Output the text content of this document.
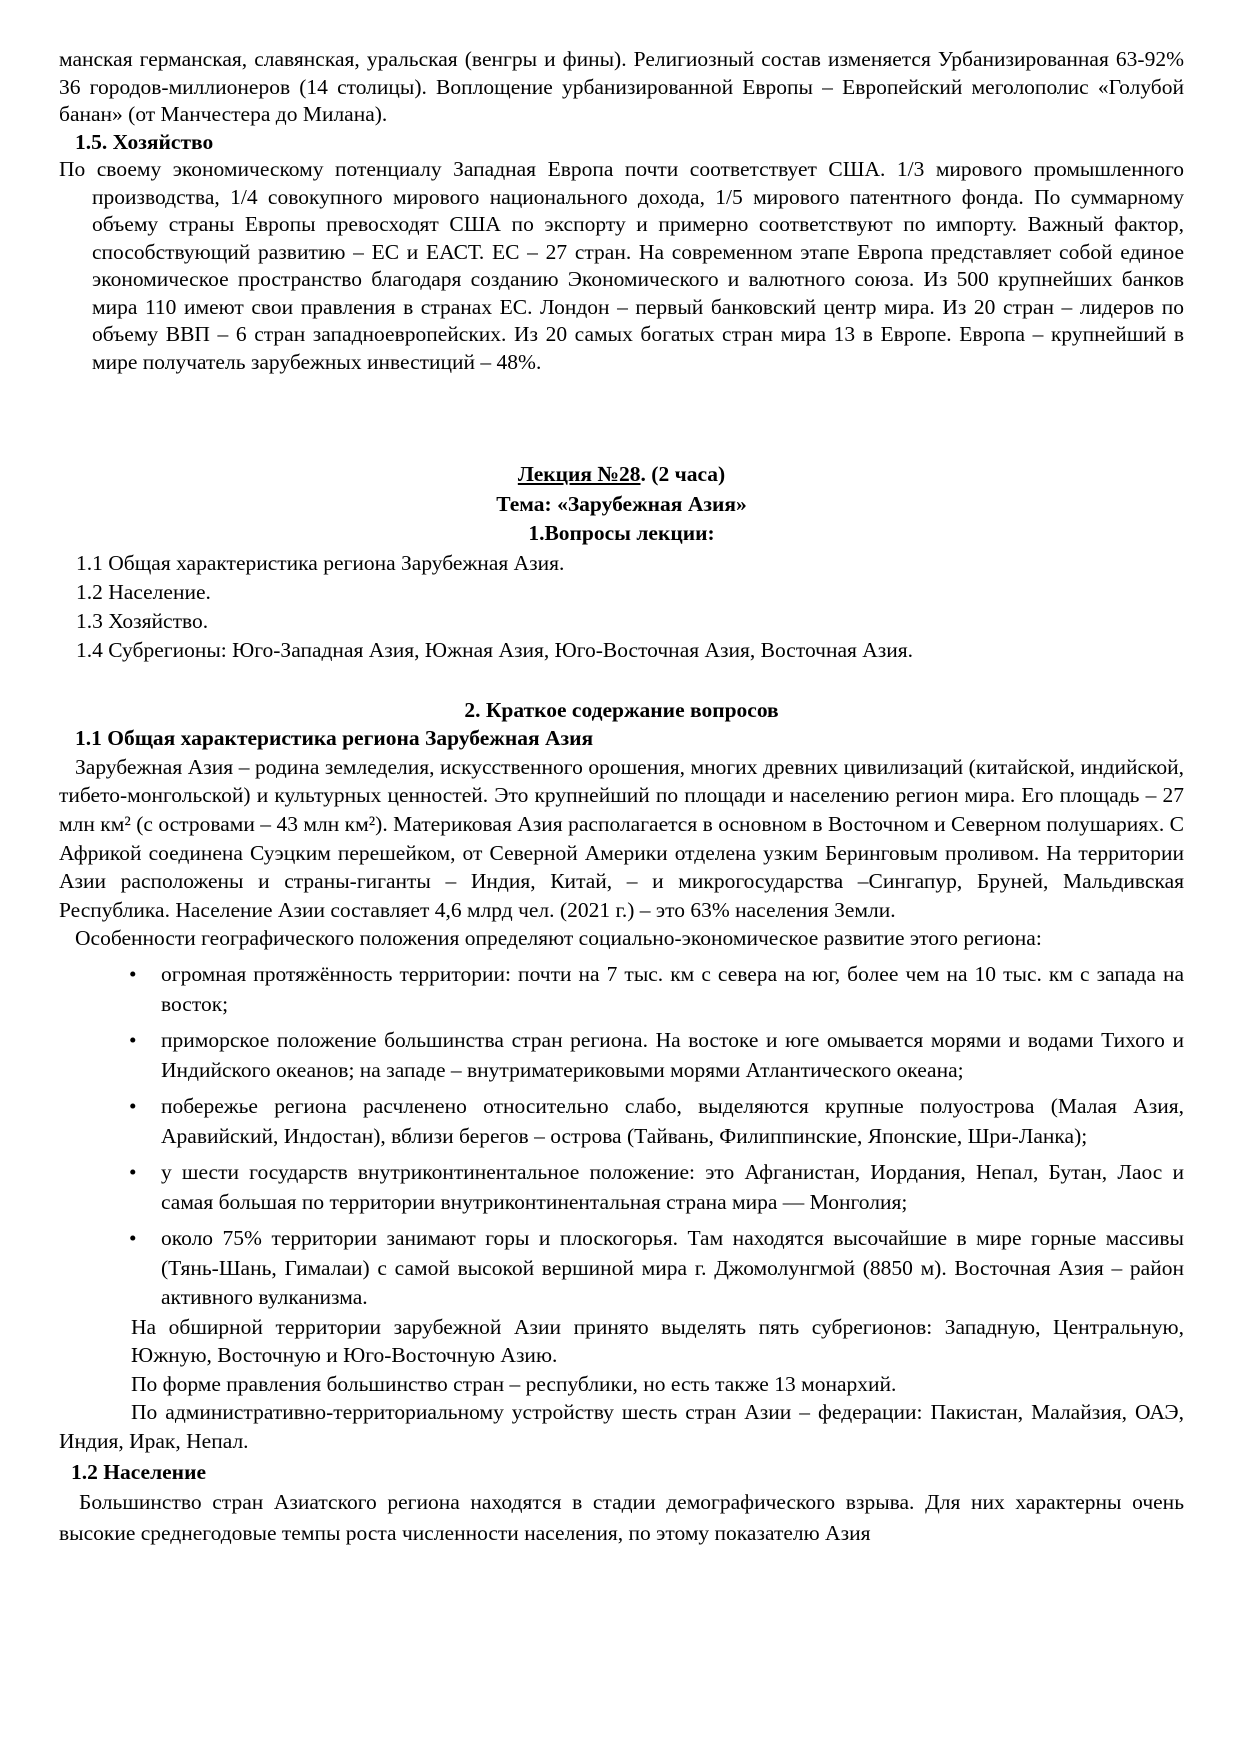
манская германская, славянская, уральская (венгры и фины). Религиозный состав изменяется Урбанизированная 63-92% 36 городов-миллионеров (14 столицы). Воплощение урбанизированной Европы – Европейский меголополис «Голубой банан» (от Манчестера до Милана).

1.5. Хозяйство

По своему экономическому потенциалу Западная Европа почти соответствует США. 1/3 мирового промышленного производства, 1/4 совокупного мирового национального дохода, 1/5 мирового патентного фонда. По суммарному объему страны Европы превосходят США по экспорту и примерно соответствуют по импорту. Важный фактор, способствующий развитию – ЕС и ЕАСТ. ЕС – 27 стран. На современном этапе Европа представляет собой единое экономическое пространство благодаря созданию Экономического и валютного союза. Из 500 крупнейших банков мира 110 имеют свои правления в странах ЕС. Лондон – первый банковский центр мира. Из 20 стран – лидеров по объему ВВП – 6 стран западноевропейских. Из 20 самых богатых стран мира 13 в Европе. Европа – крупнейший в мире получатель зарубежных инвестиций – 48%.

Лекция №28. (2 часа)
Тема: «Зарубежная Азия»
1.Вопросы лекции:
1.1 Общая характеристика региона Зарубежная Азия.
1.2 Население.
1.3 Хозяйство.
1.4 Субрегионы: Юго-Западная Азия, Южная Азия, Юго-Восточная Азия, Восточная Азия.
2. Краткое содержание вопросов
1.1 Общая характеристика региона Зарубежная Азия

Зарубежная Азия – родина земледелия, искусственного орошения, многих древних цивилизаций (китайской, индийской, тибето-монгольской) и культурных ценностей. Это крупнейший по площади и населению регион мира. Его площадь – 27 млн км² (с островами – 43 млн км²). Материковая Азия располагается в основном в Восточном и Северном полушариях. С Африкой соединена Суэцким перешейком, от Северной Америки отделена узким Беринговым проливом. На территории Азии расположены и страны-гиганты – Индия, Китай, – и микрогосударства –Сингапур, Бруней, Мальдивская Республика. Население Азии составляет 4,6 млрд чел. (2021 г.) – это 63% населения Земли.

Особенности географического положения определяют социально-экономическое развитие этого региона:

• огромная протяжённость территории: почти на 7 тыс. км с севера на юг, более чем на 10 тыс. км с запада на восток;
• приморское положение большинства стран региона. На востоке и юге омывается морями и водами Тихого и Индийского океанов; на западе – внутриматериковыми морями Атлантического океана;
• побережье региона расчленено относительно слабо, выделяются крупные полуострова (Малая Азия, Аравийский, Индостан), вблизи берегов – острова (Тайвань, Филиппинские, Японские, Шри-Ланка);
• у шести государств внутриконтинентальное положение: это Афганистан, Иордания, Непал, Бутан, Лаос и самая большая по территории внутриконтинентальная страна мира — Монголия;
• около 75% территории занимают горы и плоскогорья. Там находятся высочайшие в мире горные массивы (Тянь-Шань, Гималаи) с самой высокой вершиной мира г. Джомолунгмой (8850 м). Восточная Азия – район активного вулканизма.

На обширной территории зарубежной Азии принято выделять пять субрегионов: Западную, Центральную, Южную, Восточную и Юго-Восточную Азию.

По форме правления большинство стран – республики, но есть также 13 монархий.

По административно-территориальному устройству шесть стран Азии – федерации: Пакистан, Малайзия, ОАЭ, Индия, Ирак, Непал.

1.2 Население

Большинство стран Азиатского региона находятся в стадии демографического взрыва. Для них характерны очень высокие среднегодовые темпы роста численности населения, по этому показателю Азия
